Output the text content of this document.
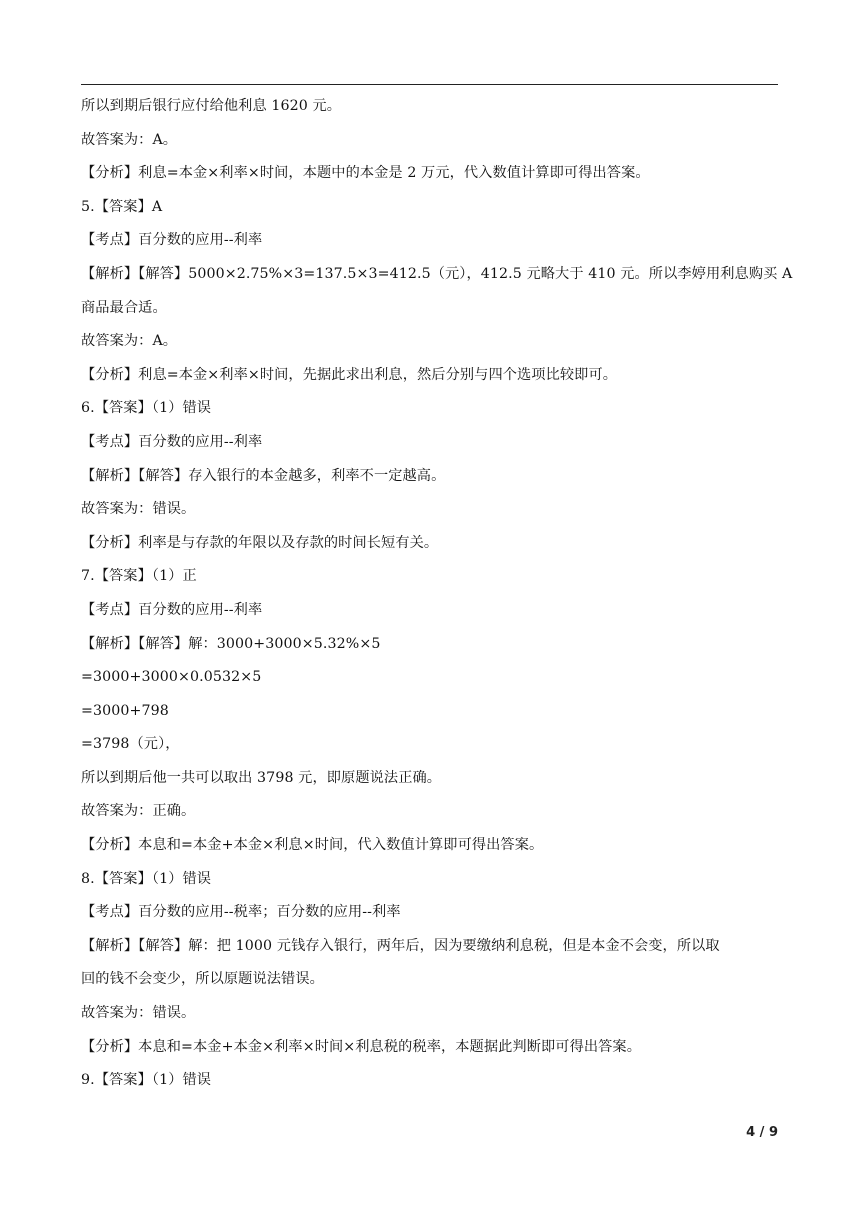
所以到期后银行应付给他利息 1620 元。
故答案为：A。
【分析】利息=本金×利率×时间，本题中的本金是 2 万元，代入数值计算即可得出答案。
5.【答案】A
【考点】百分数的应用--利率
【解析】【解答】5000×2.75%×3=137.5×3=412.5（元），412.5 元略大于 410 元。所以李婷用利息购买 A
商品最合适。
故答案为：A。
【分析】利息=本金×利率×时间，先据此求出利息，然后分别与四个选项比较即可。
6.【答案】（1）错误
【考点】百分数的应用--利率
【解析】【解答】存入银行的本金越多，利率不一定越高。
故答案为：错误。
【分析】利率是与存款的年限以及存款的时间长短有关。
7.【答案】（1）正
【考点】百分数的应用--利率
【解析】【解答】解：3000+3000×5.32%×5
=3000+3000×0.0532×5
=3000+798
=3798（元），
所以到期后他一共可以取出 3798 元，即原题说法正确。
故答案为：正确。
【分析】本息和=本金+本金×利息×时间，代入数值计算即可得出答案。
8.【答案】（1）错误
【考点】百分数的应用--税率；百分数的应用--利率
【解析】【解答】解：把 1000 元钱存入银行，两年后，因为要缴纳利息税，但是本金不会变，所以取
回的钱不会变少，所以原题说法错误。
故答案为：错误。
【分析】本息和=本金+本金×利率×时间×利息税的税率，本题据此判断即可得出答案。
9.【答案】（1）错误
4 / 9
